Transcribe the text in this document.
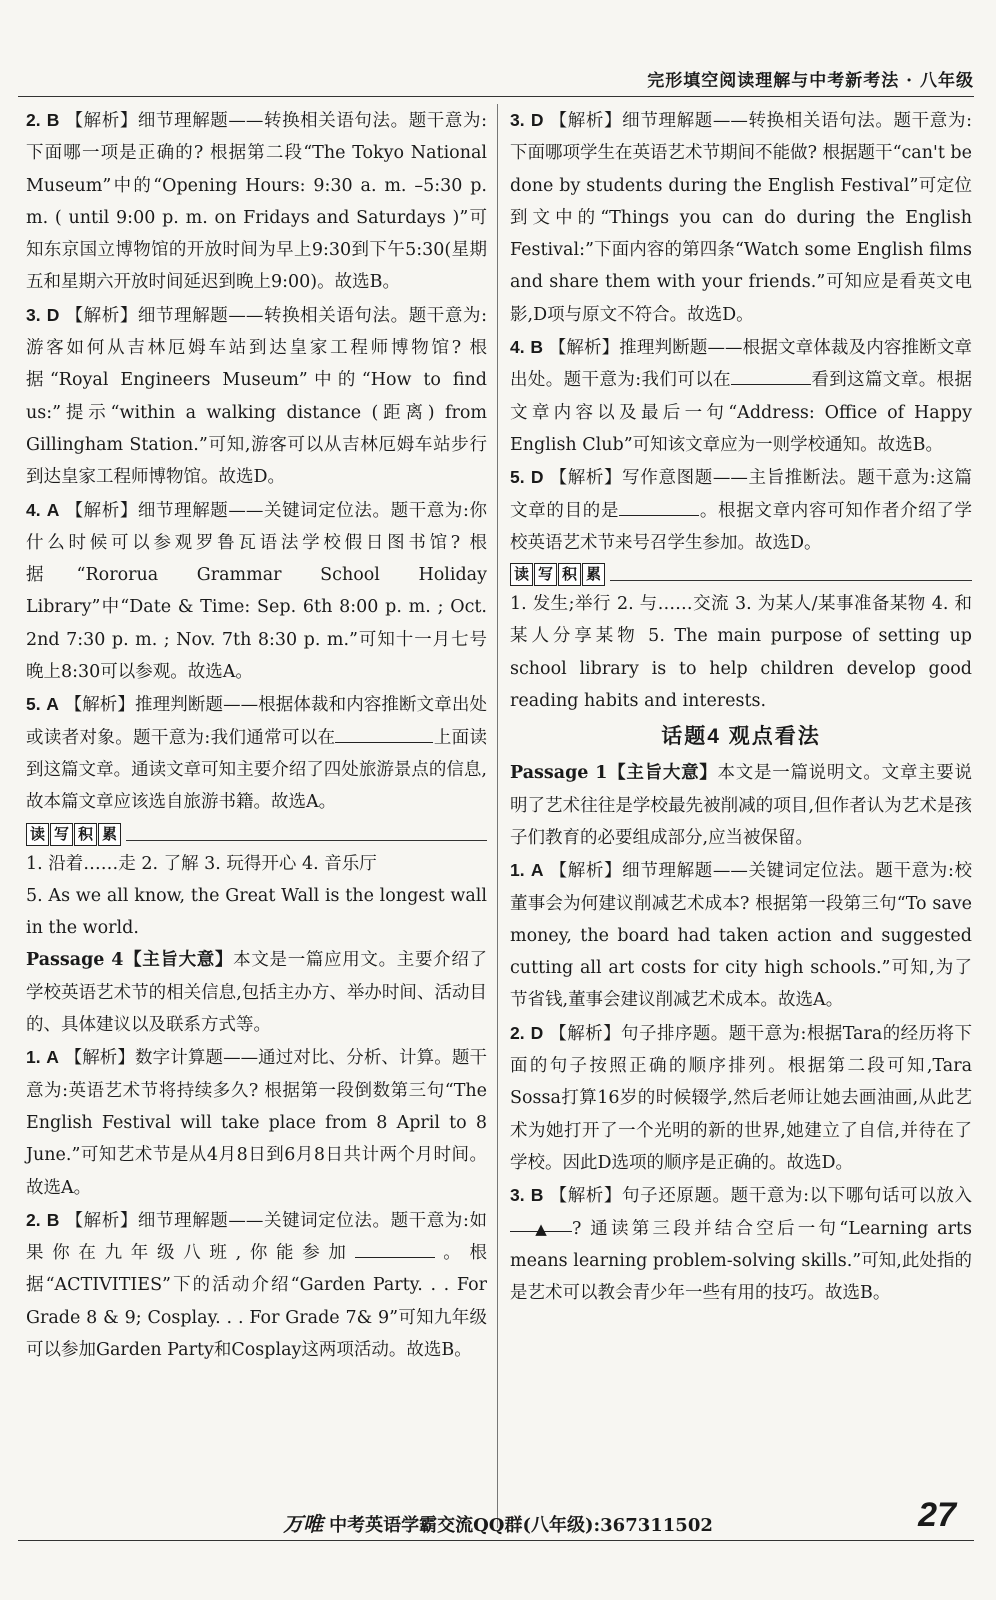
完形填空阅读理解与中考新考法 · 八年级

2. B 【解析】细节理解题——转换相关语句法。题干意为:下面哪一项是正确的? 根据第二段“The Tokyo National Museum”中的“Opening Hours: 9:30 a. m. –5:30 p. m. ( until 9:00 p. m. on Fridays and Saturdays )”可知东京国立博物馆的开放时间为早上9:30到下午5:30(星期五和星期六开放时间延迟到晚上9:00)。故选B。

3. D 【解析】细节理解题——转换相关语句法。题干意为:游客如何从吉林厄姆车站到达皇家工程师博物馆? 根据“Royal Engineers Museum”中的“How to find us:”提示“within a walking distance (距离) from Gillingham Station.”可知,游客可以从吉林厄姆车站步行到达皇家工程师博物馆。故选D。

4. A 【解析】细节理解题——关键词定位法。题干意为:你什么时候可以参观罗鲁瓦语法学校假日图书馆? 根据“Rororua Grammar School Holiday Library”中“Date & Time: Sep. 6th 8:00 p. m. ; Oct. 2nd 7:30 p. m. ; Nov. 7th 8:30 p. m.”可知十一月七号晚上8:30可以参观。故选A。

5. A 【解析】推理判断题——根据体裁和内容推断文章出处或读者对象。题干意为:我们通常可以在	上面读到这篇文章。通读文章可知主要介绍了四处旅游景点的信息,故本篇文章应该选自旅游书籍。故选A。

读 写 积 累

1. 沿着……走 2. 了解 3. 玩得开心 4. 音乐厅

5. As we all know, the Great Wall is the longest wall in the world.

Passage 4【主旨大意】本文是一篇应用文。主要介绍了学校英语艺术节的相关信息,包括主办方、举办时间、活动目的、具体建议以及联系方式等。

1. A 【解析】数字计算题——通过对比、分析、计算。题干意为:英语艺术节将持续多久? 根据第一段倒数第三句“The English Festival will take place from 8 April to 8 June.”可知艺术节是从4月8日到6月8日共计两个月时间。故选A。

2. B 【解析】细节理解题——关键词定位法。题干意为:如果你在九年级八班,你能参加	。根据“ACTIVITIES”下的活动介绍“Garden Party. . . For Grade 8 & 9; Cosplay. . . For Grade 7& 9”可知九年级可以参加Garden Party和Cosplay这两项活动。故选B。

3. D 【解析】细节理解题——转换相关语句法。题干意为:下面哪项学生在英语艺术节期间不能做? 根据题干“can't be done by students during the English Festival”可定位到文中的“Things you can do during the English Festival:”下面内容的第四条“Watch some English films and share them with your friends.”可知应是看英文电影,D项与原文不符合。故选D。

4. B 【解析】推理判断题——根据文章体裁及内容推断文章出处。题干意为:我们可以在	看到这篇文章。根据文章内容以及最后一句“Address: Office of Happy English Club”可知该文章应为一则学校通知。故选B。

5. D 【解析】写作意图题——主旨推断法。题干意为:这篇文章的目的是	。根据文章内容可知作者介绍了学校英语艺术节来号召学生参加。故选D。

读 写 积 累

1. 发生;举行 2. 与……交流 3. 为某人/某事准备某物 4. 和某人分享某物 5. The main purpose of setting up school library is to help children develop good reading habits and interests.

话题4 观点看法

Passage 1【主旨大意】本文是一篇说明文。文章主要说明了艺术往往是学校最先被削减的项目,但作者认为艺术是孩子们教育的必要组成部分,应当被保留。

1. A 【解析】细节理解题——关键词定位法。题干意为:校董事会为何建议削减艺术成本? 根据第一段第三句“To save money, the board had taken action and suggested cutting all art costs for city high schools.”可知,为了节省钱,董事会建议削减艺术成本。故选A。

2. D 【解析】句子排序题。题干意为:根据Tara的经历将下面的句子按照正确的顺序排列。根据第二段可知,Tara Sossa打算16岁的时候辍学,然后老师让她去画油画,从此艺术为她打开了一个光明的新的世界,她建立了自信,并待在了学校。因此D选项的顺序是正确的。故选D。

3. B 【解析】句子还原题。题干意为:以下哪句话可以放入▲ ? 通读第三段并结合空后一句“Learning arts means learning problem-solving skills.”可知,此处指的是艺术可以教会青少年一些有用的技巧。故选B。

万唯 中考英语学霸交流QQ群(八年级):367311502	27
